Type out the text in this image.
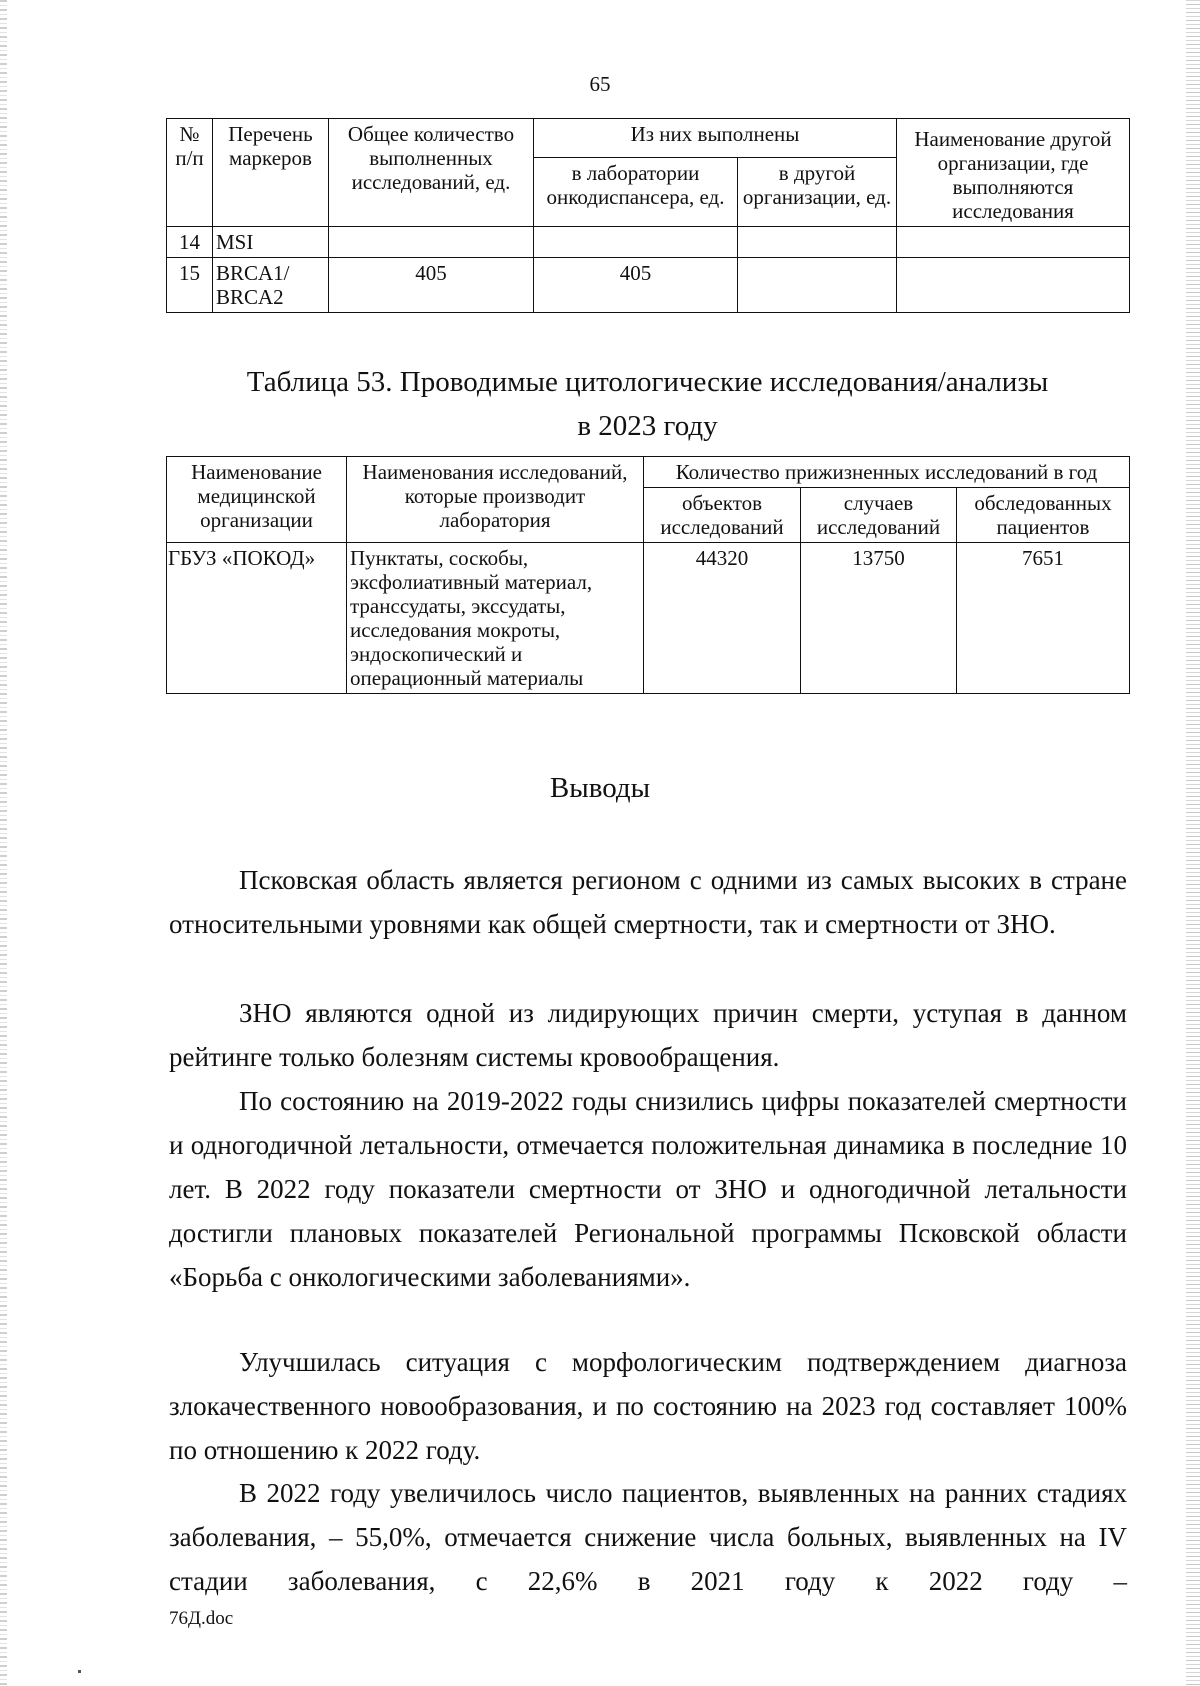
65
№ п/п	Перечень маркеров	Общее количество выполненных исследований, ед.	Из них выполнены		Наименование другой организации, где выполняются исследования
			в лаборатории онкодиспансера, ед.	в другой организации, ед.	
14	MSI				
15	BRCA1/ BRCA2	405	405		
Таблица 53. Проводимые цитологические исследования/анализы
в 2023 году
Наименование медицинской организации	Наименования исследований, которые производит лаборатория	Количество прижизненных исследований в год		
		объектов исследований	случаев исследований	обследованных пациентов
ГБУЗ «ПОКОД»	Пунктаты, соскобы, эксфолиативный материал, транссудаты, экссудаты, исследования мокроты, эндоскопический и операционный материалы	44320	13750	7651
Выводы
Псковская область является регионом с одними из самых высоких в стране относительными уровнями как общей смертности, так и смертности от ЗНО.
ЗНО являются одной из лидирующих причин смерти, уступая в данном рейтинге только болезням системы кровообращения.
По состоянию на 2019-2022 годы снизились цифры показателей смертности и одногодичной летальности, отмечается положительная динамика в последние 10 лет. В 2022 году показатели смертности от ЗНО и одногодичной летальности достигли плановых показателей Региональной программы Псковской области «Борьба с онкологическими заболеваниями».
Улучшилась ситуация с морфологическим подтверждением диагноза злокачественного новообразования, и по состоянию на 2023 год составляет 100% по отношению к 2022 году.
В 2022 году увеличилось число пациентов, выявленных на ранних стадиях заболевания, – 55,0%, отмечается снижение числа больных, выявленных на IV стадии заболевания, с 22,6% в 2021 году к 2022 году –
76Д.doc
